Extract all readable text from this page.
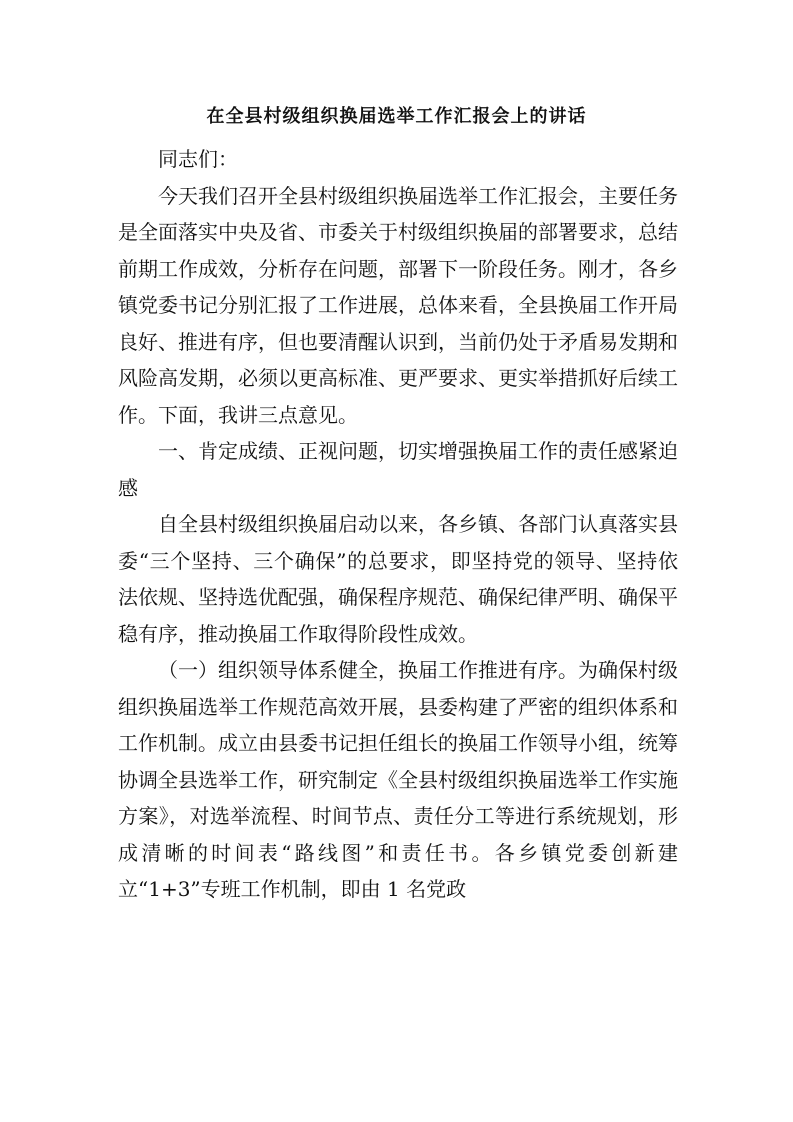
在全县村级组织换届选举工作汇报会上的讲话

同志们：

今天我们召开全县村级组织换届选举工作汇报会，主要任务是全面落实中央及省、市委关于村级组织换届的部署要求，总结前期工作成效，分析存在问题，部署下一阶段任务。刚才，各乡镇党委书记分别汇报了工作进展，总体来看，全县换届工作开局良好、推进有序，但也要清醒认识到，当前仍处于矛盾易发期和风险高发期，必须以更高标准、更严要求、更实举措抓好后续工作。下面，我讲三点意见。

一、肯定成绩、正视问题，切实增强换届工作的责任感紧迫感

自全县村级组织换届启动以来，各乡镇、各部门认真落实县委“三个坚持、三个确保”的总要求，即坚持党的领导、坚持依法依规、坚持选优配强，确保程序规范、确保纪律严明、确保平稳有序，推动换届工作取得阶段性成效。

（一）组织领导体系健全，换届工作推进有序。为确保村级组织换届选举工作规范高效开展，县委构建了严密的组织体系和工作机制。成立由县委书记担任组长的换届工作领导小组，统筹协调全县选举工作，研究制定《全县村级组织换届选举工作实施方案》，对选举流程、时间节点、责任分工等进行系统规划，形成清晰的时间表“路线图”和责任书。各乡镇党委创新建立“1+3”专班工作机制，即由 1 名党政
